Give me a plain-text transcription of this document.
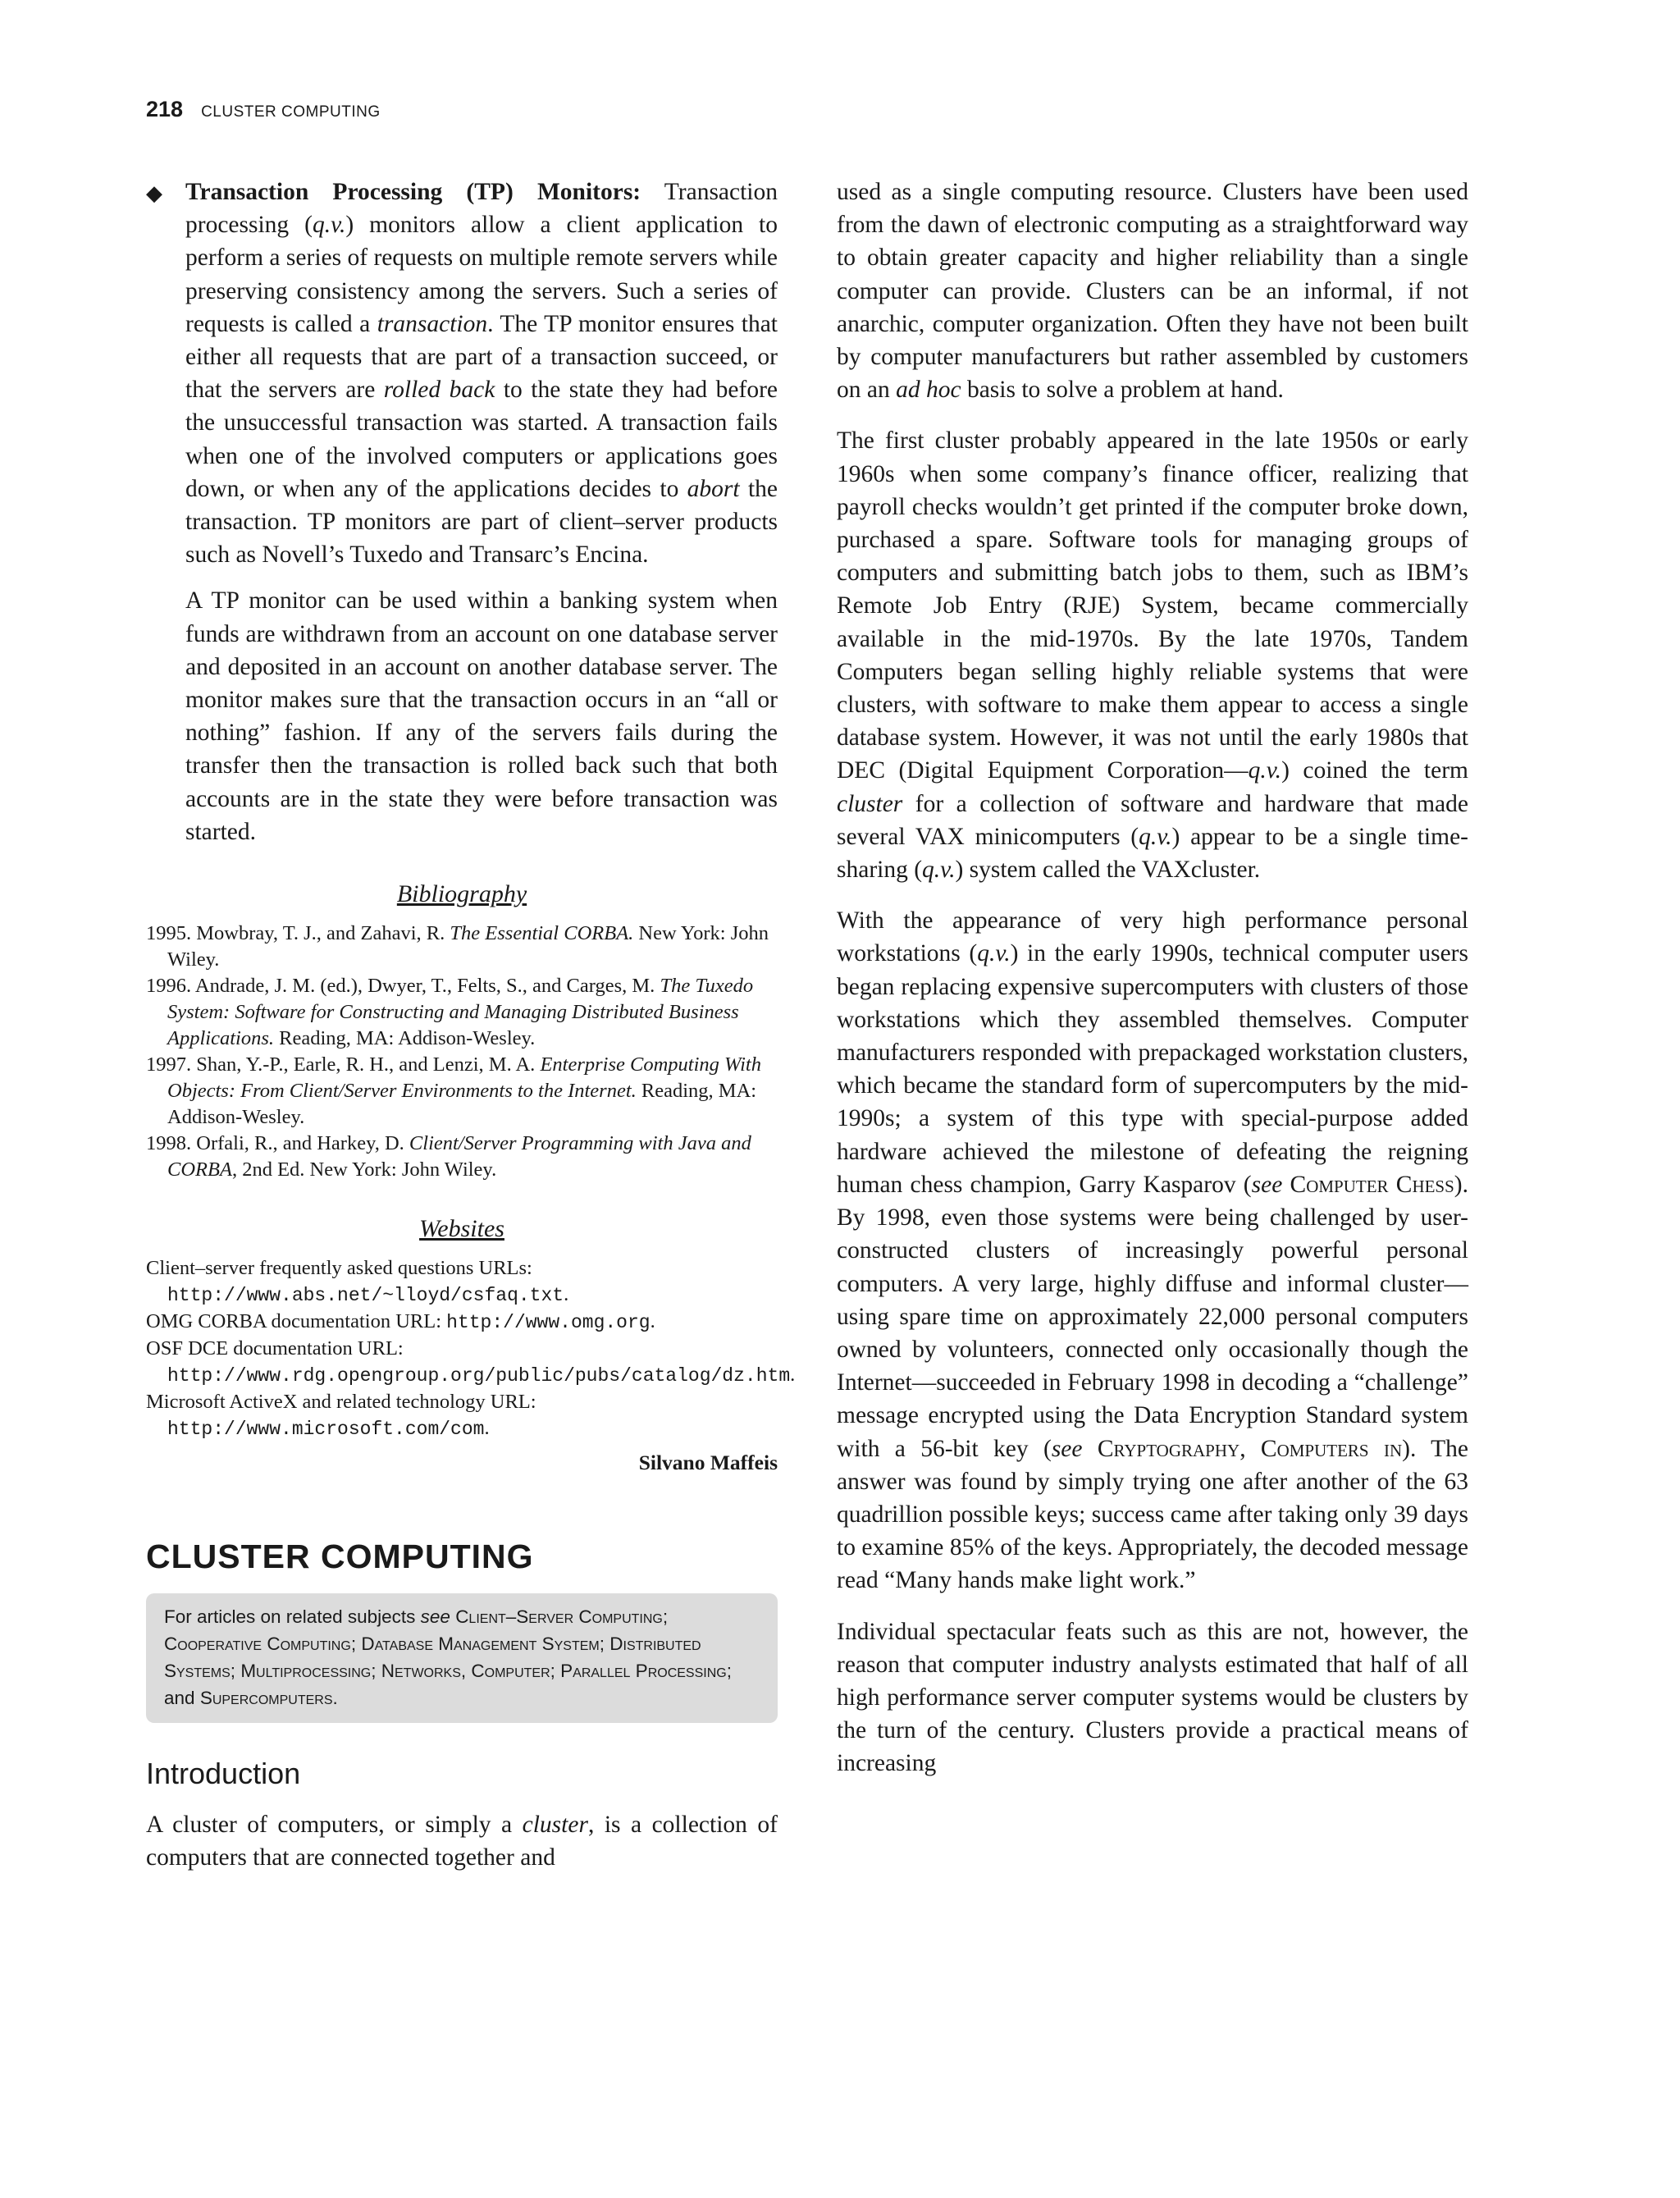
218 CLUSTER COMPUTING
◆ Transaction Processing (TP) Monitors: Transaction processing (q.v.) monitors allow a client application to perform a series of requests on multiple remote servers while preserving consistency among the servers. Such a series of requests is called a transaction. The TP monitor ensures that either all requests that are part of a transaction succeed, or that the servers are rolled back to the state they had before the unsuccessful transaction was started. A transaction fails when one of the involved computers or applications goes down, or when any of the applications decides to abort the transaction. TP monitors are part of client–server products such as Novell’s Tuxedo and Transarc’s Encina.

A TP monitor can be used within a banking system when funds are withdrawn from an account on one database server and deposited in an account on another database server. The monitor makes sure that the transaction occurs in an “all or nothing” fashion. If any of the servers fails during the transfer then the transaction is rolled back such that both accounts are in the state they were before transaction was started.

Bibliography
1995. Mowbray, T. J., and Zahavi, R. The Essential CORBA. New York: John Wiley.
1996. Andrade, J. M. (ed.), Dwyer, T., Felts, S., and Carges, M. The Tuxedo System: Software for Constructing and Managing Distributed Business Applications. Reading, MA: Addison-Wesley.
1997. Shan, Y.-P., Earle, R. H., and Lenzi, M. A. Enterprise Computing With Objects: From Client/Server Environments to the Internet. Reading, MA: Addison-Wesley.
1998. Orfali, R., and Harkey, D. Client/Server Programming with Java and CORBA, 2nd Ed. New York: John Wiley.
Websites
Client–server frequently asked questions URLs: http://www.abs.net/~lloyd/csfaq.txt.
OMG CORBA documentation URL: http://www.omg.org.
OSF DCE documentation URL: http://www.rdg.opengroup.org/public/pubs/catalog/dz.htm.
Microsoft ActiveX and related technology URL: http://www.microsoft.com/com.
Silvano Maffeis
CLUSTER COMPUTING
For articles on related subjects see Client–Server Computing; Cooperative Computing; Database Management System; Distributed Systems; Multiprocessing; Networks, Computer; Parallel Processing; and Supercomputers.
Introduction

A cluster of computers, or simply a cluster, is a collection of computers that are connected together and

used as a single computing resource. Clusters have been used from the dawn of electronic computing as a straightforward way to obtain greater capacity and higher reliability than a single computer can provide. Clusters can be an informal, if not anarchic, computer organization. Often they have not been built by computer manufacturers but rather assembled by customers on an ad hoc basis to solve a problem at hand.

The first cluster probably appeared in the late 1950s or early 1960s when some company’s finance officer, realizing that payroll checks wouldn’t get printed if the computer broke down, purchased a spare. Software tools for managing groups of computers and submitting batch jobs to them, such as IBM’s Remote Job Entry (RJE) System, became commercially available in the mid-1970s. By the late 1970s, Tandem Computers began selling highly reliable systems that were clusters, with software to make them appear to access a single database system. However, it was not until the early 1980s that DEC (Digital Equipment Corporation—q.v.) coined the term cluster for a collection of software and hardware that made several VAX minicomputers (q.v.) appear to be a single time-sharing (q.v.) system called the VAXcluster.

With the appearance of very high performance personal workstations (q.v.) in the early 1990s, technical computer users began replacing expensive supercomputers with clusters of those workstations which they assembled themselves. Computer manufacturers responded with prepackaged workstation clusters, which became the standard form of supercomputers by the mid-1990s; a system of this type with special-purpose added hardware achieved the milestone of defeating the reigning human chess champion, Garry Kasparov (see Computer Chess). By 1998, even those systems were being challenged by user-constructed clusters of increasingly powerful personal computers. A very large, highly diffuse and informal cluster—using spare time on approximately 22,000 personal computers owned by volunteers, connected only occasionally though the Internet—succeeded in February 1998 in decoding a “challenge” message encrypted using the Data Encryption Standard system with a 56-bit key (see Cryptography, Computers in). The answer was found by simply trying one after another of the 63 quadrillion possible keys; success came after taking only 39 days to examine 85% of the keys. Appropriately, the decoded message read “Many hands make light work.”

Individual spectacular feats such as this are not, however, the reason that computer industry analysts estimated that half of all high performance server computer systems would be clusters by the turn of the century. Clusters provide a practical means of increasing
